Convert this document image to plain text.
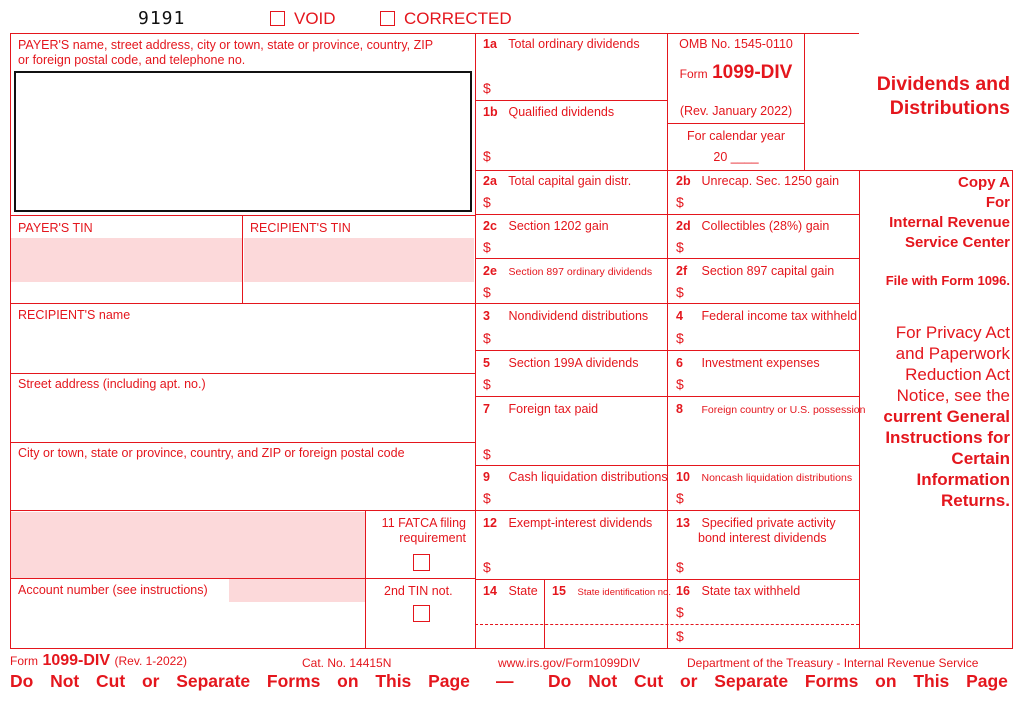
9191	VOID	CORRECTED
PAYER'S name, street address, city or town, state or province, country, ZIP
or foreign postal code, and telephone no.
PAYER'S TIN	RECIPIENT'S TIN
RECIPIENT'S name
Street address (including apt. no.)
City or town, state or province, country, and ZIP or foreign postal code
11 FATCA filing
requirement
Account number (see instructions)	2nd TIN not.
1a Total ordinary dividends
$
1b Qualified dividends
$
2a Total capital gain distr.
$
2b Unrecap. Sec. 1250 gain
$
2c Section 1202 gain
$
2d Collectibles (28%) gain
$
2e Section 897 ordinary dividends
$
2f Section 897 capital gain
$
3 Nondividend distributions
$
4 Federal income tax withheld
$
5 Section 199A dividends
$
6 Investment expenses
$
7 Foreign tax paid
$
8 Foreign country or U.S. possession
9 Cash liquidation distributions
$
10 Noncash liquidation distributions
$
12 Exempt-interest dividends
$
13 Specified private activity
bond interest dividends
$
14 State 15 State identification no. 16 State tax withheld
$
$
OMB No. 1545-0110
Form 1099-DIV
(Rev. January 2022)
For calendar year
20 ____
Dividends and
Distributions
Copy A
For
Internal Revenue
Service Center
File with Form 1096.
For Privacy Act
and Paperwork
Reduction Act
Notice, see the
current General
Instructions for
Certain
Information
Returns.
Form 1099-DIV (Rev. 1-2022)	Cat. No. 14415N	www.irs.gov/Form1099DIV	Department of the Treasury - Internal Revenue Service
Do Not Cut or Separate Forms on This Page — Do Not Cut or Separate Forms on This Page
